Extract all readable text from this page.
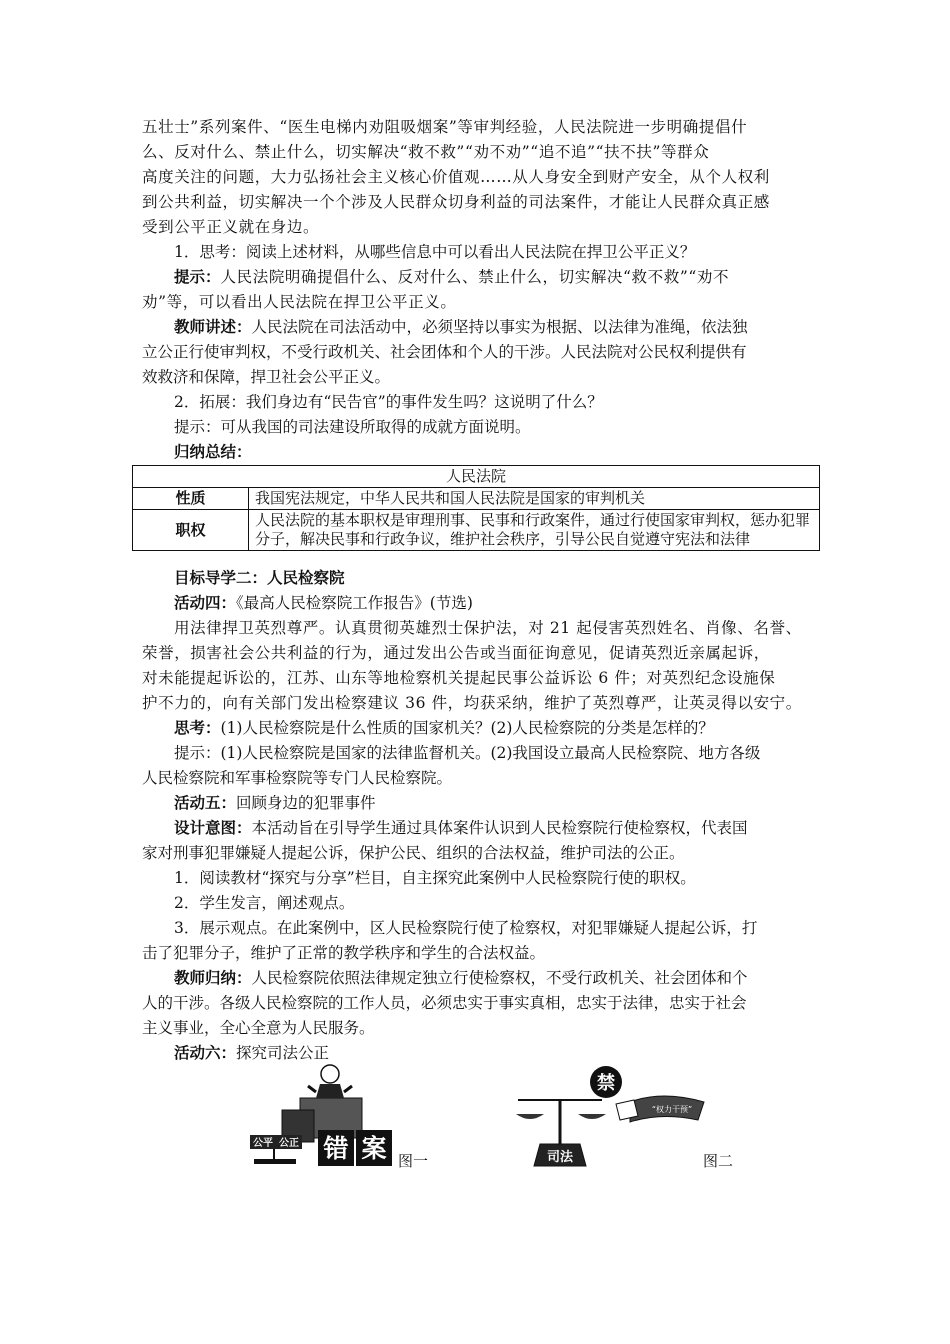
五壮士”系列案件、“医生电梯内劝阻吸烟案”等审判经验，人民法院进一步明确提倡什
么、反对什么、禁止什么，切实解决“救不救”“劝不劝”“追不追”“扶不扶”等群众
高度关注的问题，大力弘扬社会主义核心价值观……从人身安全到财产安全，从个人权利
到公共利益，切实解决一个个涉及人民群众切身利益的司法案件，才能让人民群众真正感
受到公平正义就在身边。
1．思考：阅读上述材料，从哪些信息中可以看出人民法院在捍卫公平正义？
提示：人民法院明确提倡什么、反对什么、禁止什么，切实解决“救不救”“劝不
劝”等，可以看出人民法院在捍卫公平正义。
教师讲述：人民法院在司法活动中，必须坚持以事实为根据、以法律为准绳，依法独
立公正行使审判权，不受行政机关、社会团体和个人的干涉。人民法院对公民权利提供有
效救济和保障，捍卫社会公平正义。
2．拓展：我们身边有“民告官”的事件发生吗？这说明了什么？
提示：可从我国的司法建设所取得的成就方面说明。
归纳总结：
人民法院	
性质	我国宪法规定，中华人民共和国人民法院是国家的审判机关
职权	人民法院的基本职权是审理刑事、民事和行政案件，通过行使国家审判权，惩办犯罪分子，解决民事和行政争议，维护社会秩序，引导公民自觉遵守宪法和法律
目标导学二：人民检察院
活动四：《最高人民检察院工作报告》(节选)
用法律捍卫英烈尊严。认真贯彻英雄烈士保护法，对 21 起侵害英烈姓名、肖像、名誉、
荣誉，损害社会公共利益的行为，通过发出公告或当面征询意见，促请英烈近亲属起诉，
对未能提起诉讼的，江苏、山东等地检察机关提起民事公益诉讼 6 件；对英烈纪念设施保
护不力的，向有关部门发出检察建议 36 件，均获采纳，维护了英烈尊严，让英灵得以安宁。
思考：(1)人民检察院是什么性质的国家机关？(2)人民检察院的分类是怎样的？
提示：(1)人民检察院是国家的法律监督机关。(2)我国设立最高人民检察院、地方各级
人民检察院和军事检察院等专门人民检察院。
活动五：回顾身边的犯罪事件
设计意图：本活动旨在引导学生通过具体案件认识到人民检察院行使检察权，代表国
家对刑事犯罪嫌疑人提起公诉，保护公民、组织的合法权益，维护司法的公正。
1．阅读教材“探究与分享”栏目，自主探究此案例中人民检察院行使的职权。
2．学生发言，阐述观点。
3．展示观点。在此案例中，区人民检察院行使了检察权，对犯罪嫌疑人提起公诉，打
击了犯罪分子，维护了正常的教学秩序和学生的合法权益。
教师归纳：人民检察院依照法律规定独立行使检察权，不受行政机关、社会团体和个
人的干涉。各级人民检察院的工作人员，必须忠实于事实真相，忠实于法律，忠实于社会
主义事业，全心全意为人民服务。
活动六：探究司法公正
公平 公正 错 案 图一
“权力干预”
禁
司法	图二
